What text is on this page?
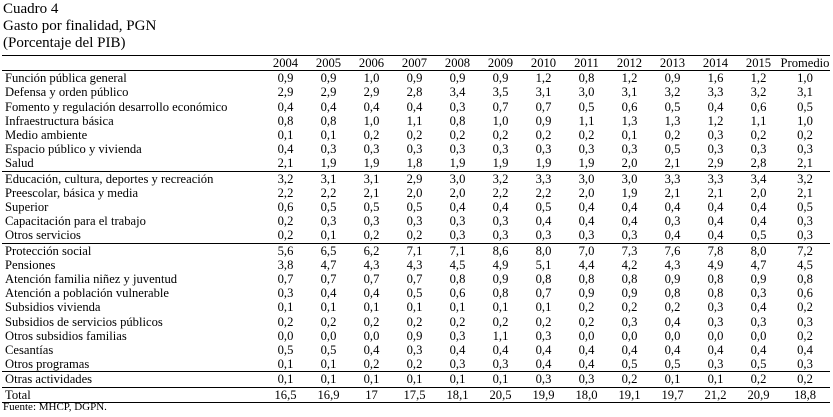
Cuadro 4
Gasto por finalidad, PGN
(Porcentaje del PIB)
	2004	2005	2006	2007	2008	2009	2010	2011	2012	2013	2014	2015	Promedio
Función pública general	0,9	0,9	1,0	0,9	0,9	0,9	1,2	0,8	1,2	0,9	1,6	1,2	1,0
Defensa y orden público	2,9	2,9	2,9	2,8	3,4	3,5	3,1	3,0	3,1	3,2	3,3	3,2	3,1
Fomento y regulación desarrollo económico	0,4	0,4	0,4	0,4	0,3	0,7	0,7	0,5	0,6	0,5	0,4	0,6	0,5
Infraestructura básica	0,8	0,8	1,0	1,1	0,8	1,0	0,9	1,1	1,3	1,3	1,2	1,1	1,0
Medio ambiente	0,1	0,1	0,2	0,2	0,2	0,2	0,2	0,2	0,1	0,2	0,3	0,2	0,2
Espacio público y vivienda	0,4	0,3	0,3	0,3	0,3	0,3	0,3	0,3	0,3	0,5	0,3	0,3	0,3
Salud	2,1	1,9	1,9	1,8	1,9	1,9	1,9	1,9	2,0	2,1	2,9	2,8	2,1
Educación, cultura, deportes y recreación	3,2	3,1	3,1	2,9	3,0	3,2	3,3	3,0	3,0	3,3	3,3	3,4	3,2
Preescolar, básica y media	2,2	2,2	2,1	2,0	2,0	2,2	2,2	2,0	1,9	2,1	2,1	2,0	2,1
Superior	0,6	0,5	0,5	0,5	0,4	0,4	0,5	0,4	0,4	0,4	0,4	0,4	0,5
Capacitación para el trabajo	0,2	0,3	0,3	0,3	0,3	0,3	0,4	0,4	0,4	0,3	0,4	0,4	0,3
Otros servicios	0,2	0,1	0,2	0,2	0,3	0,3	0,3	0,3	0,3	0,4	0,4	0,5	0,3
Protección social	5,6	6,5	6,2	7,1	7,1	8,6	8,0	7,0	7,3	7,6	7,8	8,0	7,2
Pensiones	3,8	4,7	4,3	4,3	4,5	4,9	5,1	4,4	4,2	4,3	4,9	4,7	4,5
Atención familia niñez y juventud	0,7	0,7	0,7	0,7	0,8	0,9	0,8	0,8	0,8	0,9	0,8	0,9	0,8
Atención a población vulnerable	0,3	0,4	0,4	0,5	0,6	0,8	0,7	0,9	0,9	0,8	0,8	0,3	0,6
Subsidios vivienda	0,1	0,1	0,1	0,1	0,1	0,1	0,1	0,2	0,2	0,2	0,3	0,4	0,2
Subsidios de servicios públicos	0,2	0,2	0,2	0,2	0,2	0,2	0,2	0,2	0,3	0,4	0,3	0,3	0,3
Otros subsidios familias	0,0	0,0	0,0	0,9	0,3	1,1	0,3	0,0	0,0	0,0	0,0	0,0	0,2
Cesantías	0,5	0,5	0,4	0,3	0,4	0,4	0,4	0,4	0,4	0,4	0,4	0,4	0,4
Otros programas	0,1	0,1	0,2	0,2	0,3	0,3	0,4	0,4	0,5	0,5	0,3	0,5	0,3
Otras actividades	0,1	0,1	0,1	0,1	0,1	0,1	0,3	0,3	0,2	0,1	0,1	0,2	0,2
Total	16,5	16,9	17	17,5	18,1	20,5	19,9	18,0	19,1	19,7	21,2	20,9	18,8
Fuente: MHCP, DGPN.
